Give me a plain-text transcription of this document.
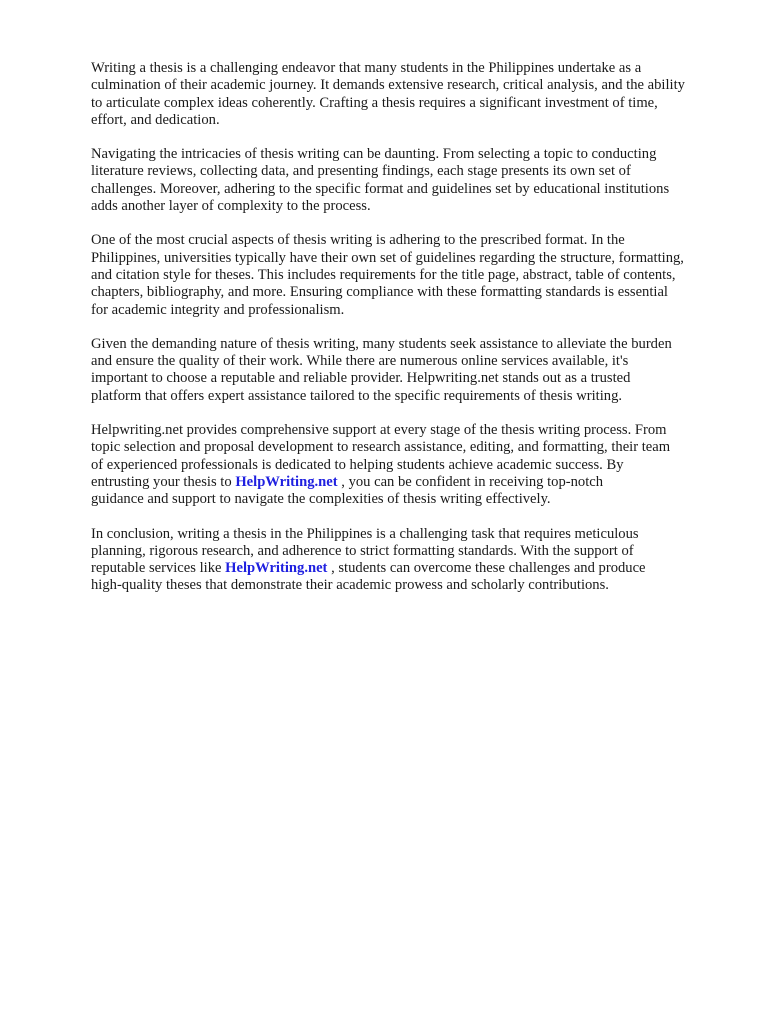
Writing a thesis is a challenging endeavor that many students in the Philippines undertake as a
culmination of their academic journey. It demands extensive research, critical analysis, and the ability
to articulate complex ideas coherently. Crafting a thesis requires a significant investment of time,
effort, and dedication.

Navigating the intricacies of thesis writing can be daunting. From selecting a topic to conducting
literature reviews, collecting data, and presenting findings, each stage presents its own set of
challenges. Moreover, adhering to the specific format and guidelines set by educational institutions
adds another layer of complexity to the process.

One of the most crucial aspects of thesis writing is adhering to the prescribed format. In the
Philippines, universities typically have their own set of guidelines regarding the structure, formatting,
and citation style for theses. This includes requirements for the title page, abstract, table of contents,
chapters, bibliography, and more. Ensuring compliance with these formatting standards is essential
for academic integrity and professionalism.

Given the demanding nature of thesis writing, many students seek assistance to alleviate the burden
and ensure the quality of their work. While there are numerous online services available, it's
important to choose a reputable and reliable provider. Helpwriting.net stands out as a trusted
platform that offers expert assistance tailored to the specific requirements of thesis writing.

Helpwriting.net provides comprehensive support at every stage of the thesis writing process. From
topic selection and proposal development to research assistance, editing, and formatting, their team
of experienced professionals is dedicated to helping students achieve academic success. By
entrusting your thesis to HelpWriting.net , you can be confident in receiving top-notch
guidance and support to navigate the complexities of thesis writing effectively.

In conclusion, writing a thesis in the Philippines is a challenging task that requires meticulous
planning, rigorous research, and adherence to strict formatting standards. With the support of
reputable services like HelpWriting.net , students can overcome these challenges and produce
high-quality theses that demonstrate their academic prowess and scholarly contributions.
